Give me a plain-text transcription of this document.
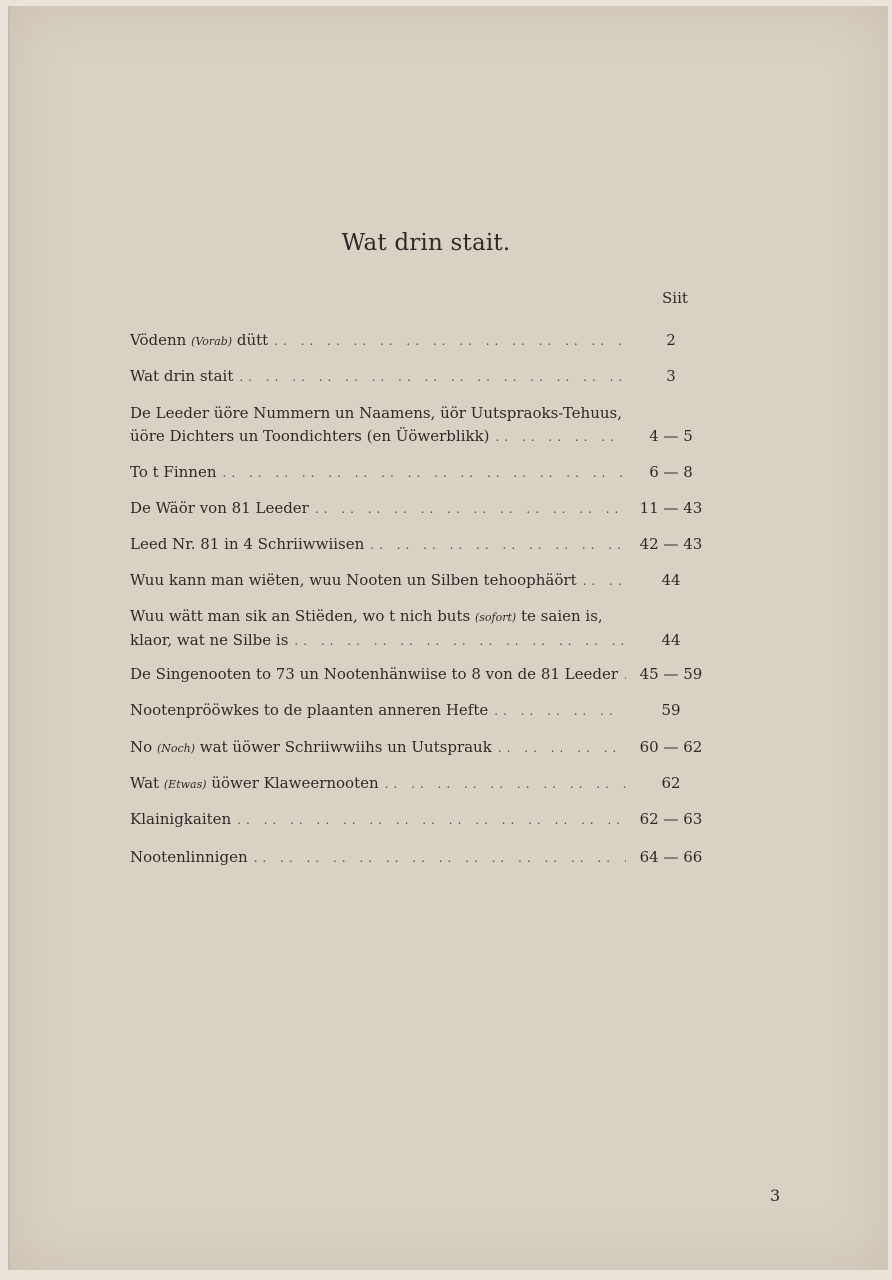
Wat drin stait.
Siit
Vödenn (Vorab) dütt .. ..	2
Wat drin stait .. ..	3
De Leeder üöre Nummern un Naamens, üör Uutspraoks-Tehuus,
üöre Dichters un Toondichters (en Üöwerblikk) .. ..	4 — 5
To t Finnen .. ..	6 — 8
De Wäör von 81 Leeder .. ..	11 — 43
Leed Nr. 81 in 4 Schriiwwiisen .. ..	42 — 43
Wuu kann man wiëten, wuu Nooten un Silben tehoophäört .. ..	44
Wuu wätt man sik an Stiëden, wo t nich buts (sofort) te saien is,
klaor, wat ne Silbe is .. ..	44
De Singenooten to 73 un Nootenhänwiise to 8 von de 81 Leeder .. ..	45 — 59
Nootenprööwkes to de plaanten anneren Hefte .. ..	59
No (Noch) wat üöwer Schriiwwiihs un Uutsprauk .. ..	60 — 62
Wat (Etwas) üöwer Klaweernooten .. ..	62
Klainigkaiten .. ..	62 — 63
Nootenlinnigen .. ..	64 — 66
3
